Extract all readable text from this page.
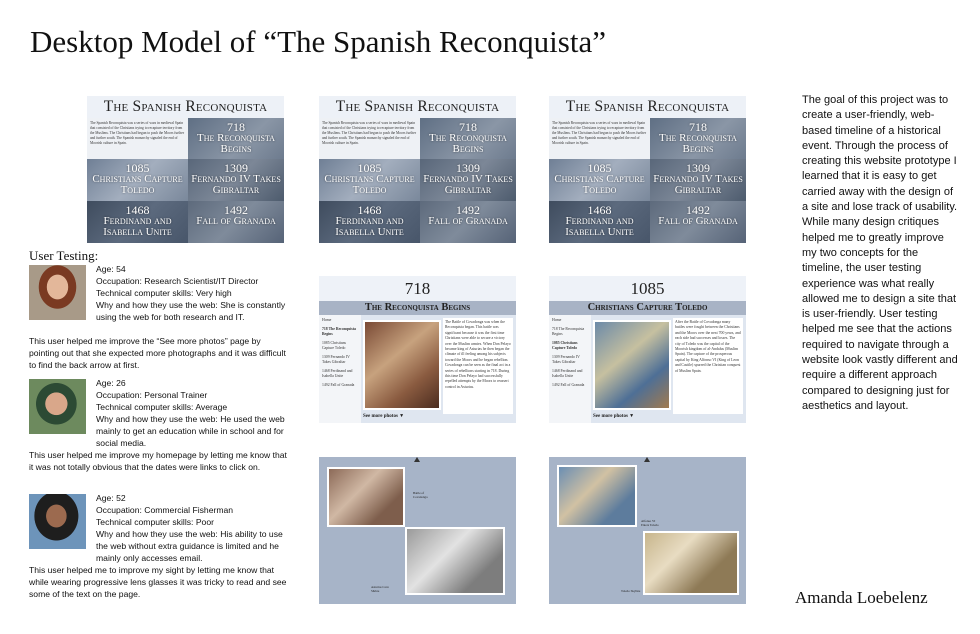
Desktop Model of “The Spanish Reconquista”
The Spanish Reconquista
The Spanish Reconquista was a series of wars in medieval Spain that consisted of the Christians trying to recapture territory from the Muslims. The Christians had begun to push the Moors further and further south. The Spanish monarchy signaled the end of Moorish culture in Spain.
718
The Reconquista Begins
1085
Christians Capture Toledo
1309
Fernando IV Takes Gibraltar
1468
Ferdinand and Isabella Unite
1492
Fall of Granada
The Spanish Reconquista
The Spanish Reconquista was a series of wars in medieval Spain that consisted of the Christians trying to recapture territory from the Muslims. The Christians had begun to push the Moors further and further south. The Spanish monarchy signaled the end of Moorish culture in Spain.
718
The Reconquista Begins
1085
Christians Capture Toledo
1309
Fernando IV Takes Gibraltar
1468
Ferdinand and Isabella Unite
1492
Fall of Granada
The Spanish Reconquista
The Spanish Reconquista was a series of wars in medieval Spain that consisted of the Christians trying to recapture territory from the Muslims. The Christians had begun to push the Moors further and further south. The Spanish monarchy signaled the end of Moorish culture in Spain.
718
The Reconquista Begins
1085
Christians Capture Toledo
1309
Fernando IV Takes Gibraltar
1468
Ferdinand and Isabella Unite
1492
Fall of Granada
718
The Reconquista Begins
Home
718 The Reconquista Begins
1085 Christians Capture Toledo
1309 Fernando IV Takes Gibraltar
1468 Ferdinand and Isabella Unite
1492 Fall of Granada
The Battle of Covadonga was when the Reconquista began. This battle was significant because it was the first time Christians were able to secure a victory over the Muslim armies. When Don Pelayo became king of Asturias he then began the climate of ill feeling among his subjects toward the Moors and he began rebellion. Covadonga can be seen as the final act in a series of rebellions starting in 718. During this time Don Pelayo had successfully repelled attempts by the Moors to reassert control in Asturias.
See more photos ▼
1085
Christians Capture Toledo
Home
718 The Reconquista Begins
1085 Christians Capture Toledo
1309 Fernando IV Takes Gibraltar
1468 Ferdinand and Isabella Unite
1492 Fall of Granada
After the Battle of Covadonga many battles were fought between the Christians and the Moors over the next 700 years, and each side had successes and losses. The city of Toledo was the capital of the Moorish kingdom of al-Andalus (Muslim Spain). The capture of the prosperous capital by King Alfonso VI (King of Leon and Castile) spurred the Christian conquest of Muslim Spain.
See more photos ▼
Battle of Covadonga
Asturias Cave Shrine
Alfonso VI Enters Toledo
Toledo Skyline
User Testing:
Age: 54
Occupation: Research Scientist/IT Director
Technical computer skills: Very high
Why and how they use the web: She is constantly using the web for both research and IT.
This user helped me improve the “See more photos” page by pointing out that she expected more photographs and it was difficult to find the back arrow at first.
Age: 26
Occupation: Personal Trainer
Technical computer skills: Average
Why and how they use the web: He used the web mainly to get an education while in school and for social media.
This user helped me improve my homepage by letting me know that it was not totally obvious that the dates were links to click on.
Age: 52
Occupation: Commercial Fisherman
Technical computer skills: Poor
Why and how they use the web: His ability to use the web without extra guidance is limited and he mainly only accesses email.
This user helped me to improve my sight by letting me know that while wearing progressive lens glasses it was tricky to read and see some of the text on the page.
The goal of this project was to create a user-friendly, web-based timeline of a historical event. Through the process of creating this website prototype I learned that it is easy to get carried away with the design of a site and lose track of usability. While many design critiques helped me to greatly improve my two concepts for the timeline, the user testing experience was what really allowed me to design a site that is user-friendly. User testing helped me see that the actions required to navigate through a website look vastly different and require a different approach compared to designing just for aesthetics and layout.
Amanda Loebelenz
